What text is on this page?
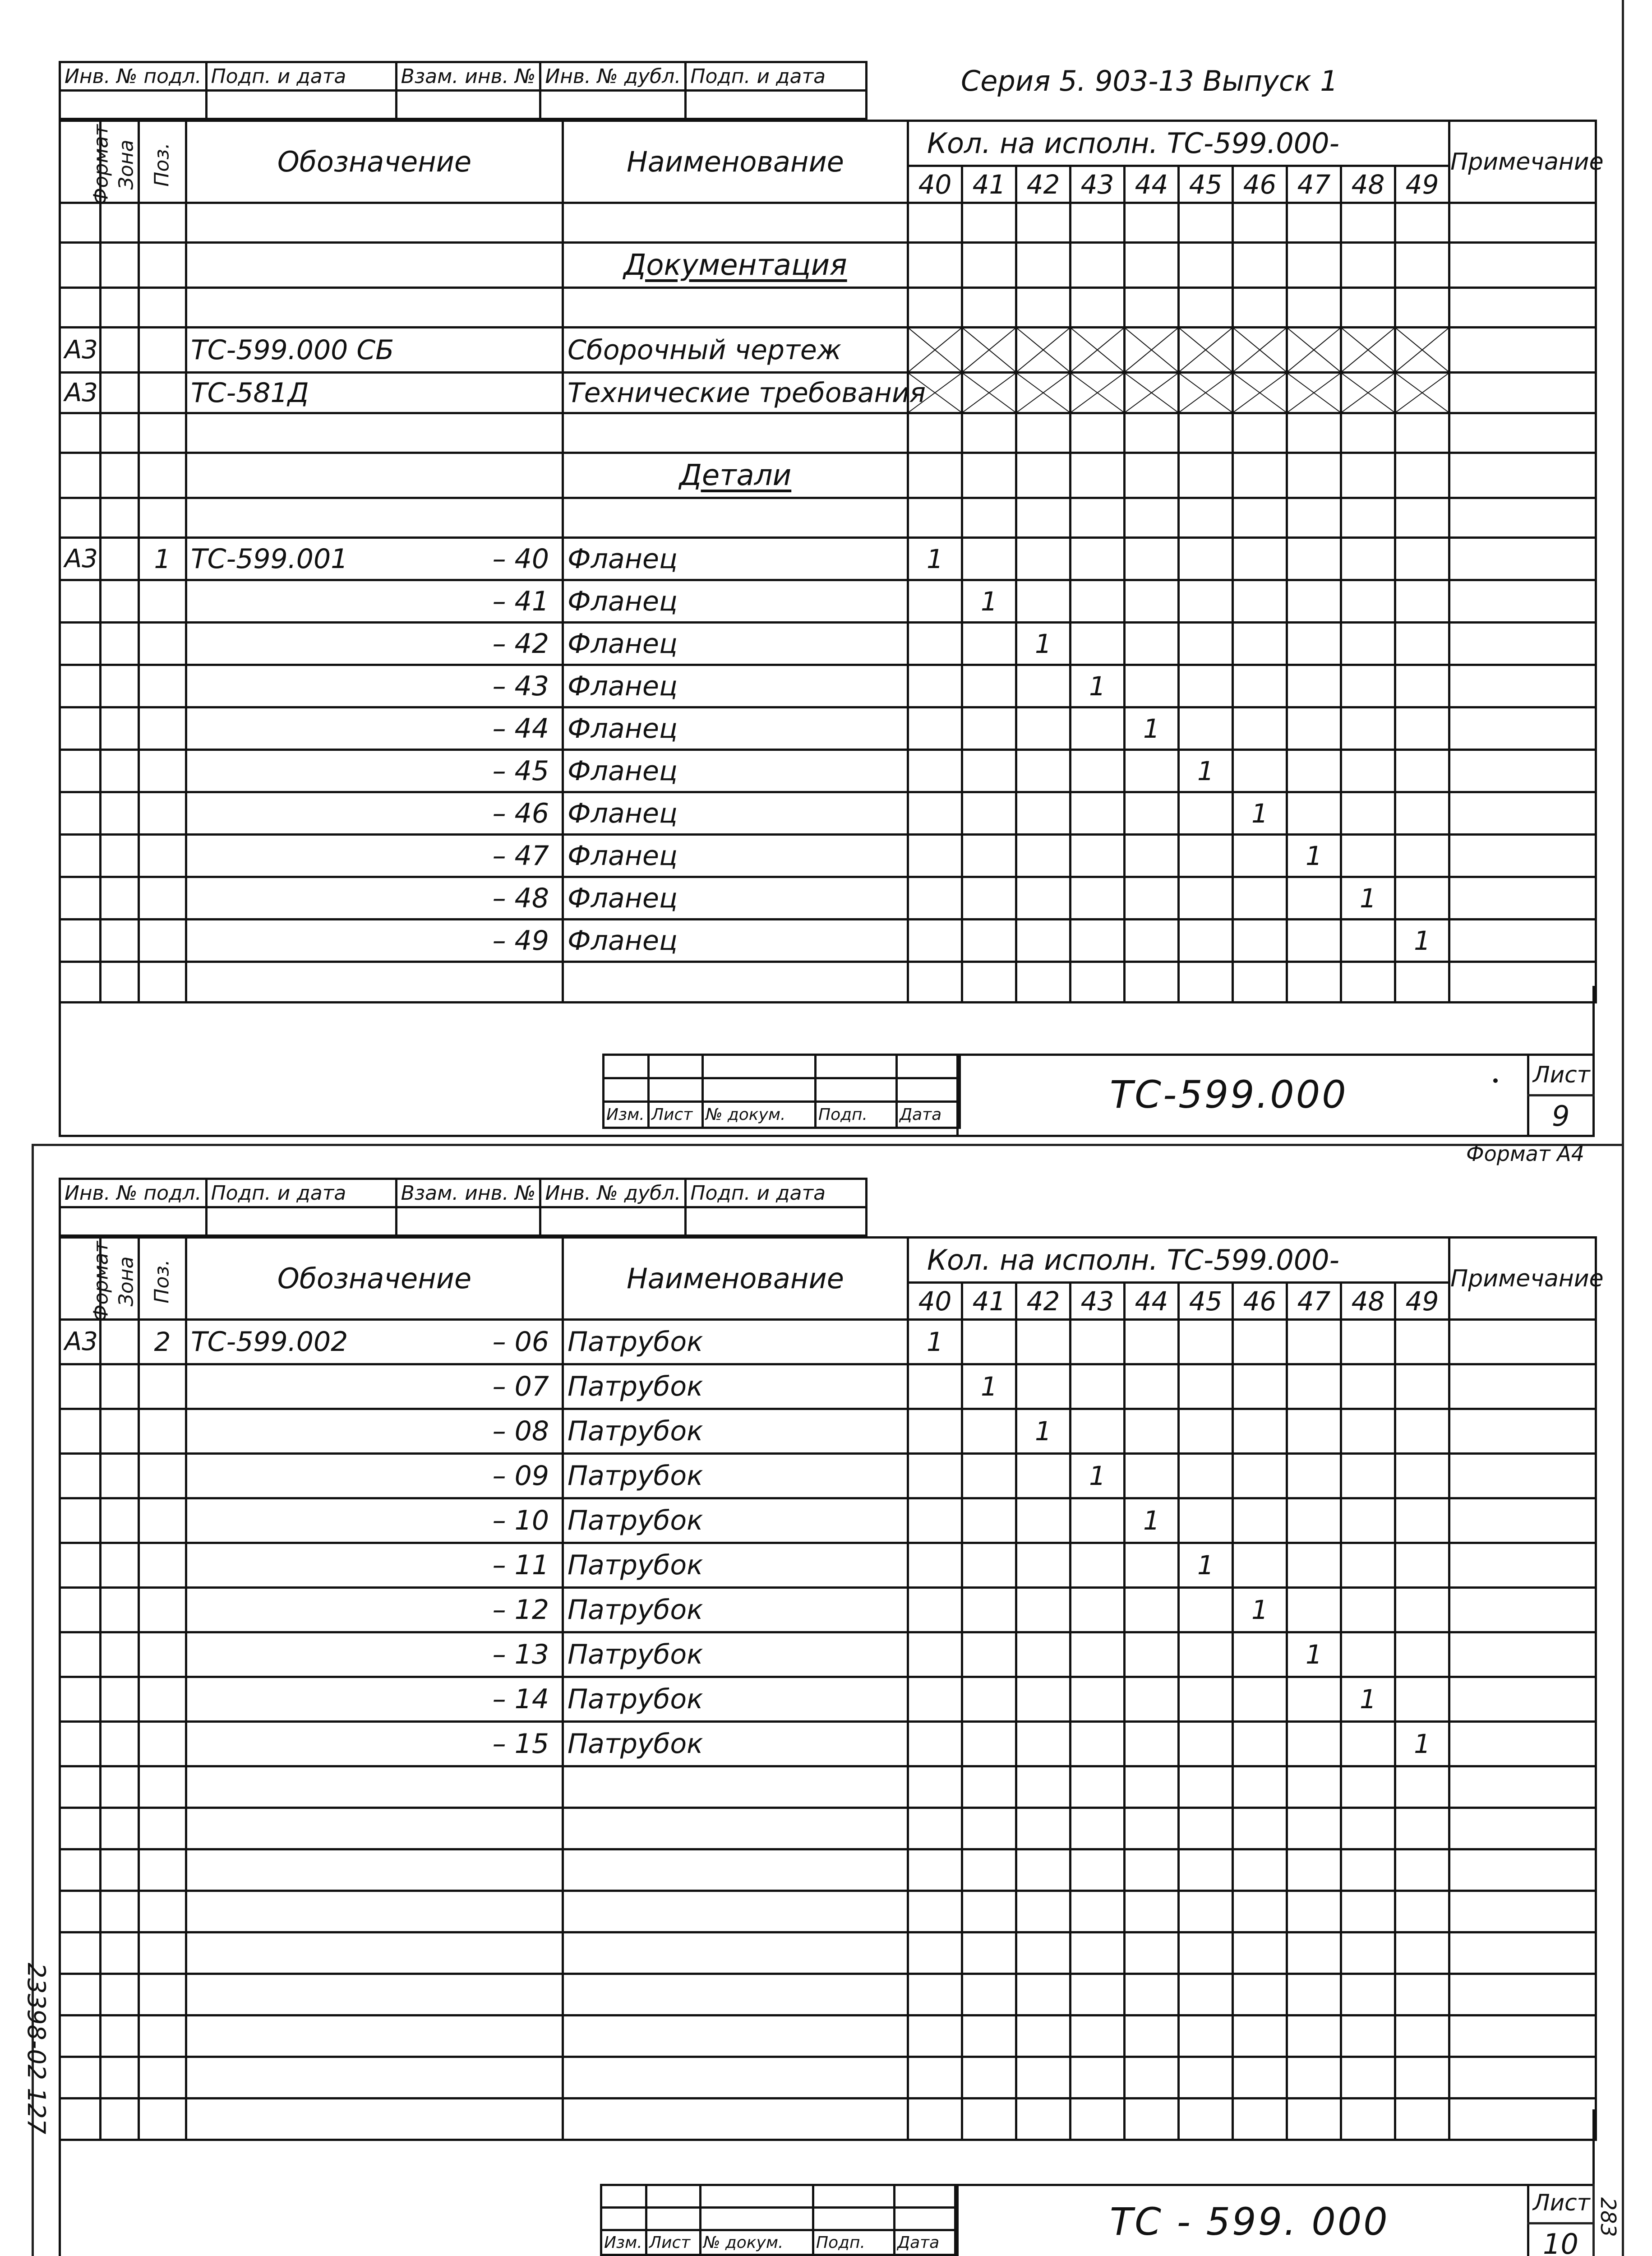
Инв. № подл.	Подп. и дата	Взам. инв. №	Инв. № дубл.	Подп. и дата
					Серия 5. 903-13 Выпуск 1
Формат	Зона	Поз.	Обозначение	Наименование	Кол. на исполн. ТС-599.000-										Примечание
					40	41	42	43	44	45	46	47	48	49	

				Документация											

А3			ТС-599.000 СБ	Сборочный чертеж	

А3			ТС-581Д	Технические требования	

				Детали											

А3		1	ТС-599.001 – 40	Фланец	1										

			– 41	Фланец		1									

			– 42	Фланец			1								

			– 43	Фланец				1							

			– 44	Фланец					1						

			– 45	Фланец						1					

			– 46	Фланец							1				

			– 47	Фланец								1			

			– 48	Фланец									1		

			– 49	Фланец										1	

Изм.	Лист	№ докум.	Подп.	Дата	ТС-599.000	Лист
9
Формат А4
Инв. № подл.	Подп. и дата	Взам. инв. №	Инв. № дубл.	Подп. и дата

Формат	Зона	Поз.	Обозначение	Наименование	Кол. на исполн. ТС-599.000-										Примечание
					40	41	42	43	44	45	46	47	48	49	
А3		2	ТС-599.002 – 06	Патрубок	1										

			– 07	Патрубок		1									

			– 08	Патрубок			1								

			– 09	Патрубок				1							

			– 10	Патрубок					1						

			– 11	Патрубок						1					

			– 12	Патрубок							1				

			– 13	Патрубок								1			

			– 14	Патрубок									1		

			– 15	Патрубок										1	

Изм.	Лист	№ докум.	Подп.	Дата	ТС - 599. 000	Лист
10
23398-02 127
283
